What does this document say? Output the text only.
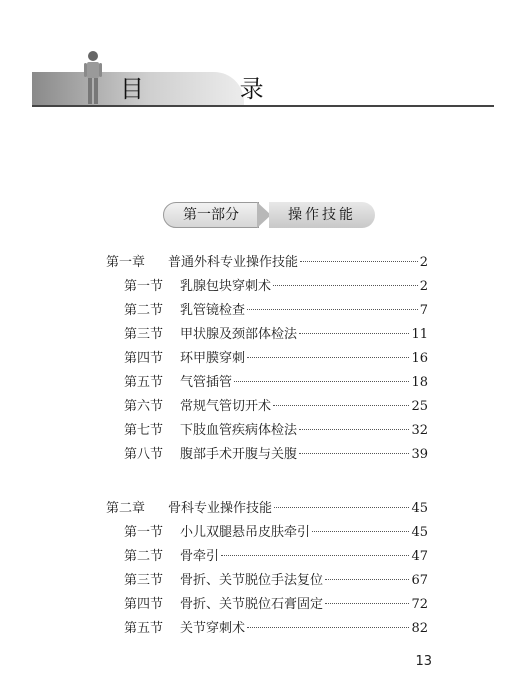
目 录
第一部分	操作技能
第一章	普通外科专业操作技能	2
第一节	乳腺包块穿刺术	2
第二节	乳管镜检查	7
第三节	甲状腺及颈部体检法	11
第四节	环甲膜穿刺	16
第五节	气管插管	18
第六节	常规气管切开术	25
第七节	下肢血管疾病体检法	32
第八节	腹部手术开腹与关腹	39
第二章	骨科专业操作技能	45
第一节	小儿双腿悬吊皮肤牵引	45
第二节	骨牵引	47
第三节	骨折、关节脱位手法复位	67
第四节	骨折、关节脱位石膏固定	72
第五节	关节穿刺术	82
13
